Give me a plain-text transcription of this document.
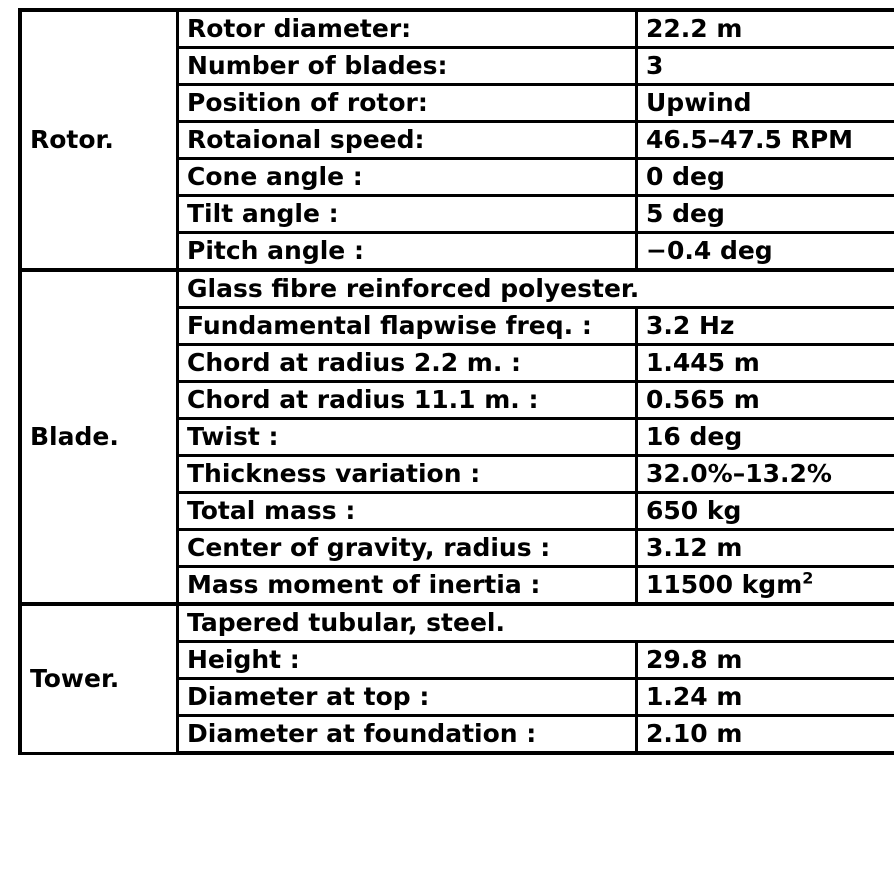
Rotor.	Rotor diameter:	22.2 m
	Number of blades:	3
	Position of rotor:	Upwind
	Rotaional speed:	46.5–47.5 RPM
	Cone angle :	0 deg
	Tilt angle :	5 deg
	Pitch angle :	−0.4 deg
Blade.	Glass fibre reinforced polyester.	
	Fundamental flapwise freq. :	3.2 Hz
	Chord at radius 2.2 m. :	1.445 m
	Chord at radius 11.1 m. :	0.565 m
	Twist :	16 deg
	Thickness variation :	32.0%–13.2%
	Total mass :	650 kg
	Center of gravity, radius :	3.12 m
	Mass moment of inertia :	11500 kgm$^2$
Tower.	Tapered tubular, steel.	
	Height :	29.8 m
	Diameter at top :	1.24 m
	Diameter at foundation :	2.10 m
